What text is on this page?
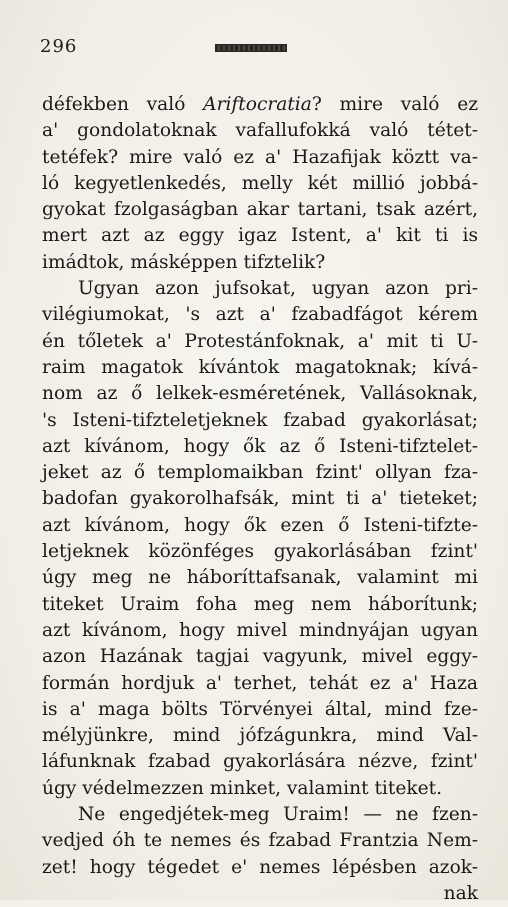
296
défekben való Ariftocratia? mire való ez
a' gondolatoknak vafallufokká való tétet-
tetéfek? mire való ez a' Hazafijak köztt va-
ló kegyetlenkedés, melly két millió jobbá-
gyokat fzolgaságban akar tartani, tsak azért,
mert azt az eggy igaz Istent, a' kit ti is
imádtok, másképpen tifztelik?
Ugyan azon jufsokat, ugyan azon pri-
vilégiumokat, 's azt a' fzabadfágot kérem
én tőletek a' Protestánfoknak, a' mit ti U-
raim magatok kívántok magatoknak; kívá-
nom az ő lelkek-esméretének, Vallásoknak,
's Isteni-tifzteletjeknek fzabad gyakorlásat;
azt kívánom, hogy ők az ő Isteni-tifztelet-
jeket az ő templomaikban fzint' ollyan fza-
badofan gyakorolhafsák, mint ti a' tieteket;
azt kívánom, hogy ők ezen ő Isteni-tifzte-
letjeknek közönféges gyakorlásában fzint'
úgy meg ne háboríttafsanak, valamint mi
titeket Uraim foha meg nem háborítunk;
azt kívánom, hogy mivel mindnyájan ugyan
azon Hazának tagjai vagyunk, mivel eggy-
formán hordjuk a' terhet, tehát ez a' Haza
is a' maga bölts Törvényei által, mind fze-
mélyjünkre, mind jófzágunkra, mind Val-
láfunknak fzabad gyakorlására nézve, fzint'
úgy védelmezzen minket, valamint titeket.
Ne engedjétek-meg Uraim! — ne fzen-
vedjed óh te nemes és fzabad Frantzia Nem-
zet! hogy tégedet e' nemes lépésben azok-
nak
